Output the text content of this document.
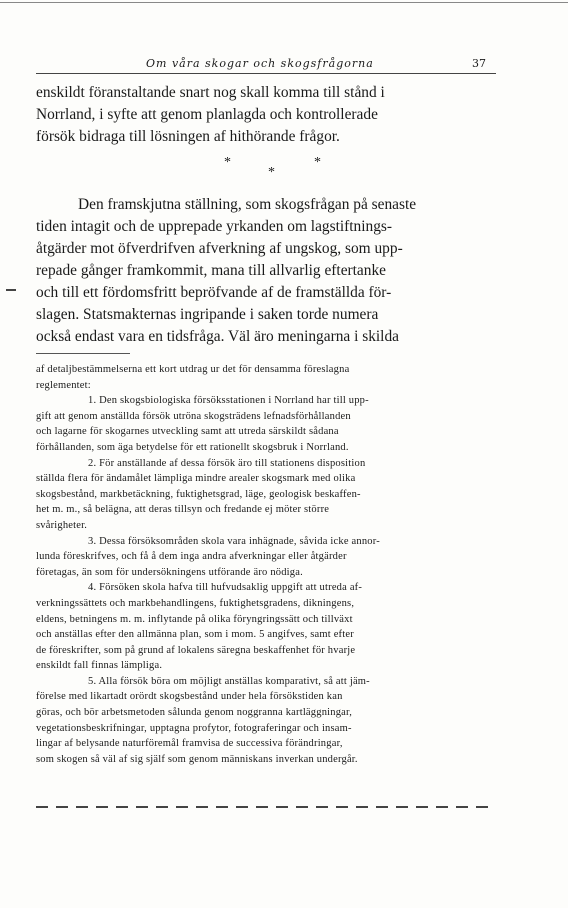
Om våra skogar och skogsfrågorna	37

enskildt föranstaltande snart nog skall komma till stånd i
Norrland, i syfte att genom planlagda och kontrollerade
försök bidraga till lösningen af hithörande frågor.

*
*
*

Den framskjutna ställning, som skogsfrågan på senaste
tiden intagit och de upprepade yrkanden om lagstiftnings-
åtgärder mot öfverdrifven afverkning af ungskog, som upp-
repade gånger framkommit, mana till allvarlig eftertanke
och till ett fördomsfritt bepröfvande af de framställda för-
slagen. Statsmakternas ingripande i saken torde numera
också endast vara en tidsfråga. Väl äro meningarna i skilda

af detaljbestämmelserna ett kort utdrag ur det för densamma föreslagna
reglementet:

1. Den skogsbiologiska försöksstationen i Norrland har till upp-
gift att genom anställda försök utröna skogsträdens lefnadsförhållanden
och lagarne för skogarnes utveckling samt att utreda särskildt sådana
förhållanden, som äga betydelse för ett rationellt skogsbruk i Norrland.

2. För anställande af dessa försök äro till stationens disposition
ställda flera för ändamålet lämpliga mindre arealer skogsmark med olika
skogsbestånd, markbetäckning, fuktighetsgrad, läge, geologisk beskaffen-
het m. m., så belägna, att deras tillsyn och fredande ej möter större
svårigheter.

3. Dessa försöksområden skola vara inhägnade, såvida icke annor-
lunda föreskrifves, och få å dem inga andra afverkningar eller åtgärder
företagas, än som för undersökningens utförande äro nödiga.

4. Försöken skola hafva till hufvudsaklig uppgift att utreda af-
verkningssättets och markbehandlingens, fuktighetsgradens, dikningens,
eldens, betningens m. m. inflytande på olika föryngringssätt och tillväxt
och anställas efter den allmänna plan, som i mom. 5 angifves, samt efter
de föreskrifter, som på grund af lokalens säregna beskaffenhet för hvarje
enskildt fall finnas lämpliga.

5. Alla försök böra om möjligt anställas komparativt, så att jäm-
förelse med likartadt orördt skogsbestånd under hela försökstiden kan
göras, och bör arbetsmetoden sålunda genom noggranna kartläggningar,
vegetationsbeskrifningar, upptagna profytor, fotograferingar och insam-
lingar af belysande naturföremål framvisa de successiva förändringar,
som skogen så väl af sig själf som genom människans inverkan undergår.
